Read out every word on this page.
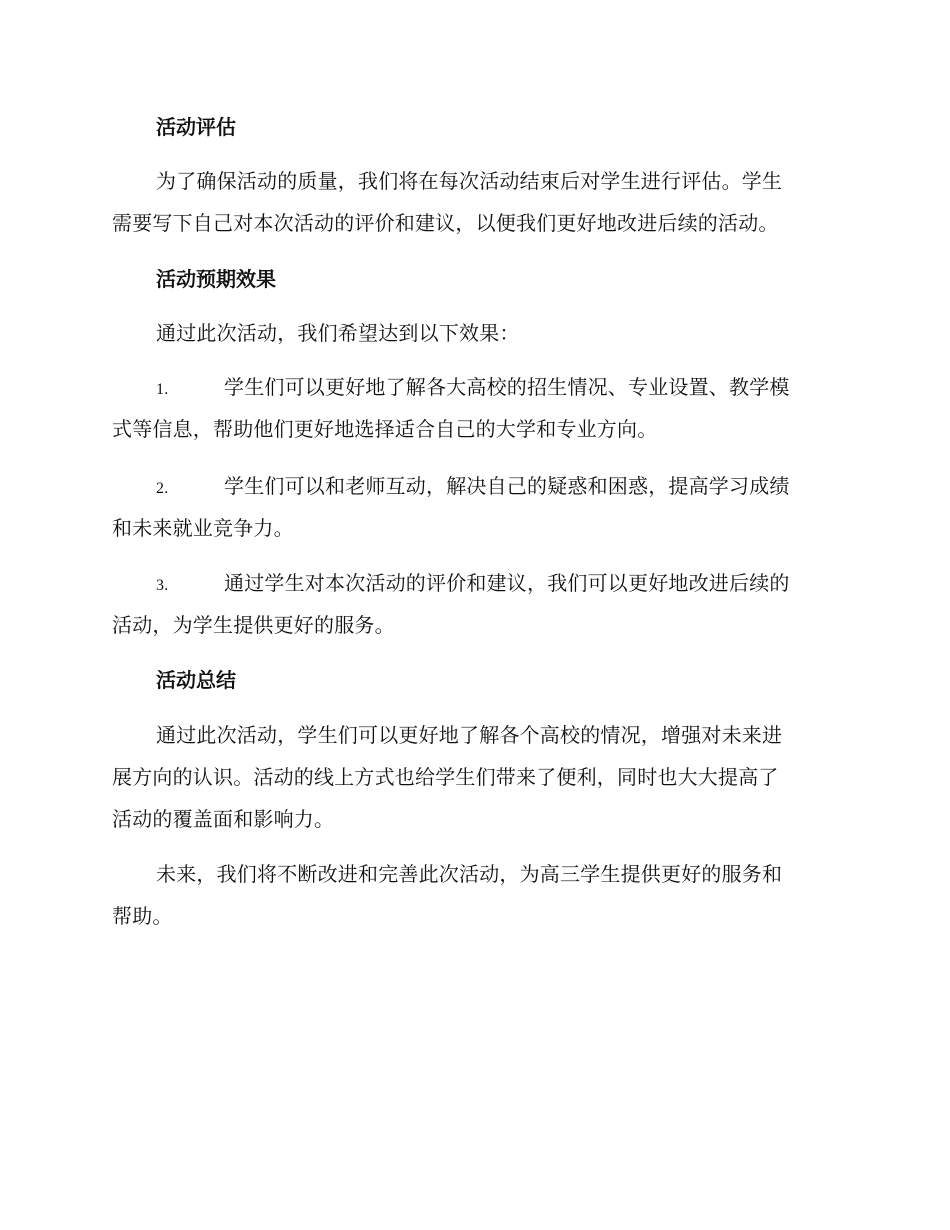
活动评估
为了确保活动的质量，我们将在每次活动结束后对学生进行评估。学生
需要写下自己对本次活动的评价和建议，以便我们更好地改进后续的活动。
活动预期效果
通过此次活动，我们希望达到以下效果：
1.	学生们可以更好地了解各大高校的招生情况、专业设置、教学模
式等信息，帮助他们更好地选择适合自己的大学和专业方向。
2.	学生们可以和老师互动，解决自己的疑惑和困惑，提高学习成绩
和未来就业竞争力。
3.	通过学生对本次活动的评价和建议，我们可以更好地改进后续的
活动，为学生提供更好的服务。
活动总结
通过此次活动，学生们可以更好地了解各个高校的情况，增强对未来进
展方向的认识。活动的线上方式也给学生们带来了便利，同时也大大提高了
活动的覆盖面和影响力。
未来，我们将不断改进和完善此次活动，为高三学生提供更好的服务和
帮助。
